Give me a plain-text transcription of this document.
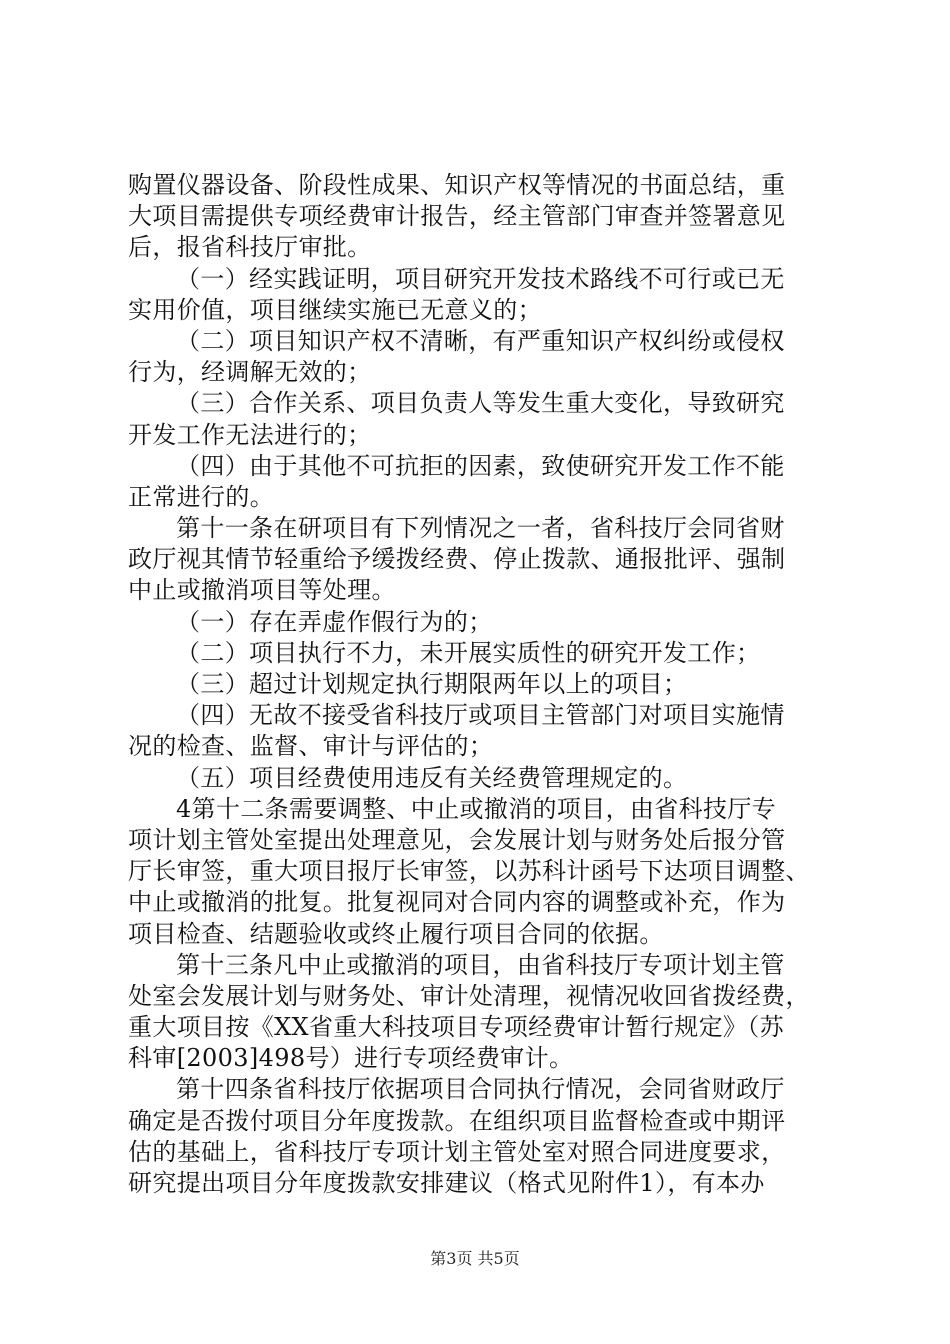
购置仪器设备、阶段性成果、知识产权等情况的书面总结，重
大项目需提供专项经费审计报告，经主管部门审查并签署意见
后，报省科技厅审批。
（一）经实践证明，项目研究开发技术路线不可行或已无
实用价值，项目继续实施已无意义的；
（二）项目知识产权不清晰，有严重知识产权纠纷或侵权
行为，经调解无效的；
（三）合作关系、项目负责人等发生重大变化，导致研究
开发工作无法进行的；
（四）由于其他不可抗拒的因素，致使研究开发工作不能
正常进行的。
第十一条在研项目有下列情况之一者，省科技厅会同省财
政厅视其情节轻重给予缓拨经费、停止拨款、通报批评、强制
中止或撤消项目等处理。
（一）存在弄虚作假行为的；
（二）项目执行不力，未开展实质性的研究开发工作；
（三）超过计划规定执行期限两年以上的项目；
（四）无故不接受省科技厅或项目主管部门对项目实施情
况的检查、监督、审计与评估的；
（五）项目经费使用违反有关经费管理规定的。
4第十二条需要调整、中止或撤消的项目，由省科技厅专
项计划主管处室提出处理意见，会发展计划与财务处后报分管
厅长审签，重大项目报厅长审签，以苏科计函号下达项目调整、
中止或撤消的批复。批复视同对合同内容的调整或补充，作为
项目检查、结题验收或终止履行项目合同的依据。
第十三条凡中止或撤消的项目，由省科技厅专项计划主管
处室会发展计划与财务处、审计处清理，视情况收回省拨经费，
重大项目按《XX省重大科技项目专项经费审计暂行规定》（苏
科审[2003]498号）进行专项经费审计。
第十四条省科技厅依据项目合同执行情况，会同省财政厅
确定是否拨付项目分年度拨款。在组织项目监督检查或中期评
估的基础上，省科技厅专项计划主管处室对照合同进度要求，
研究提出项目分年度拨款安排建议（格式见附件1），有本办
第3页 共5页
